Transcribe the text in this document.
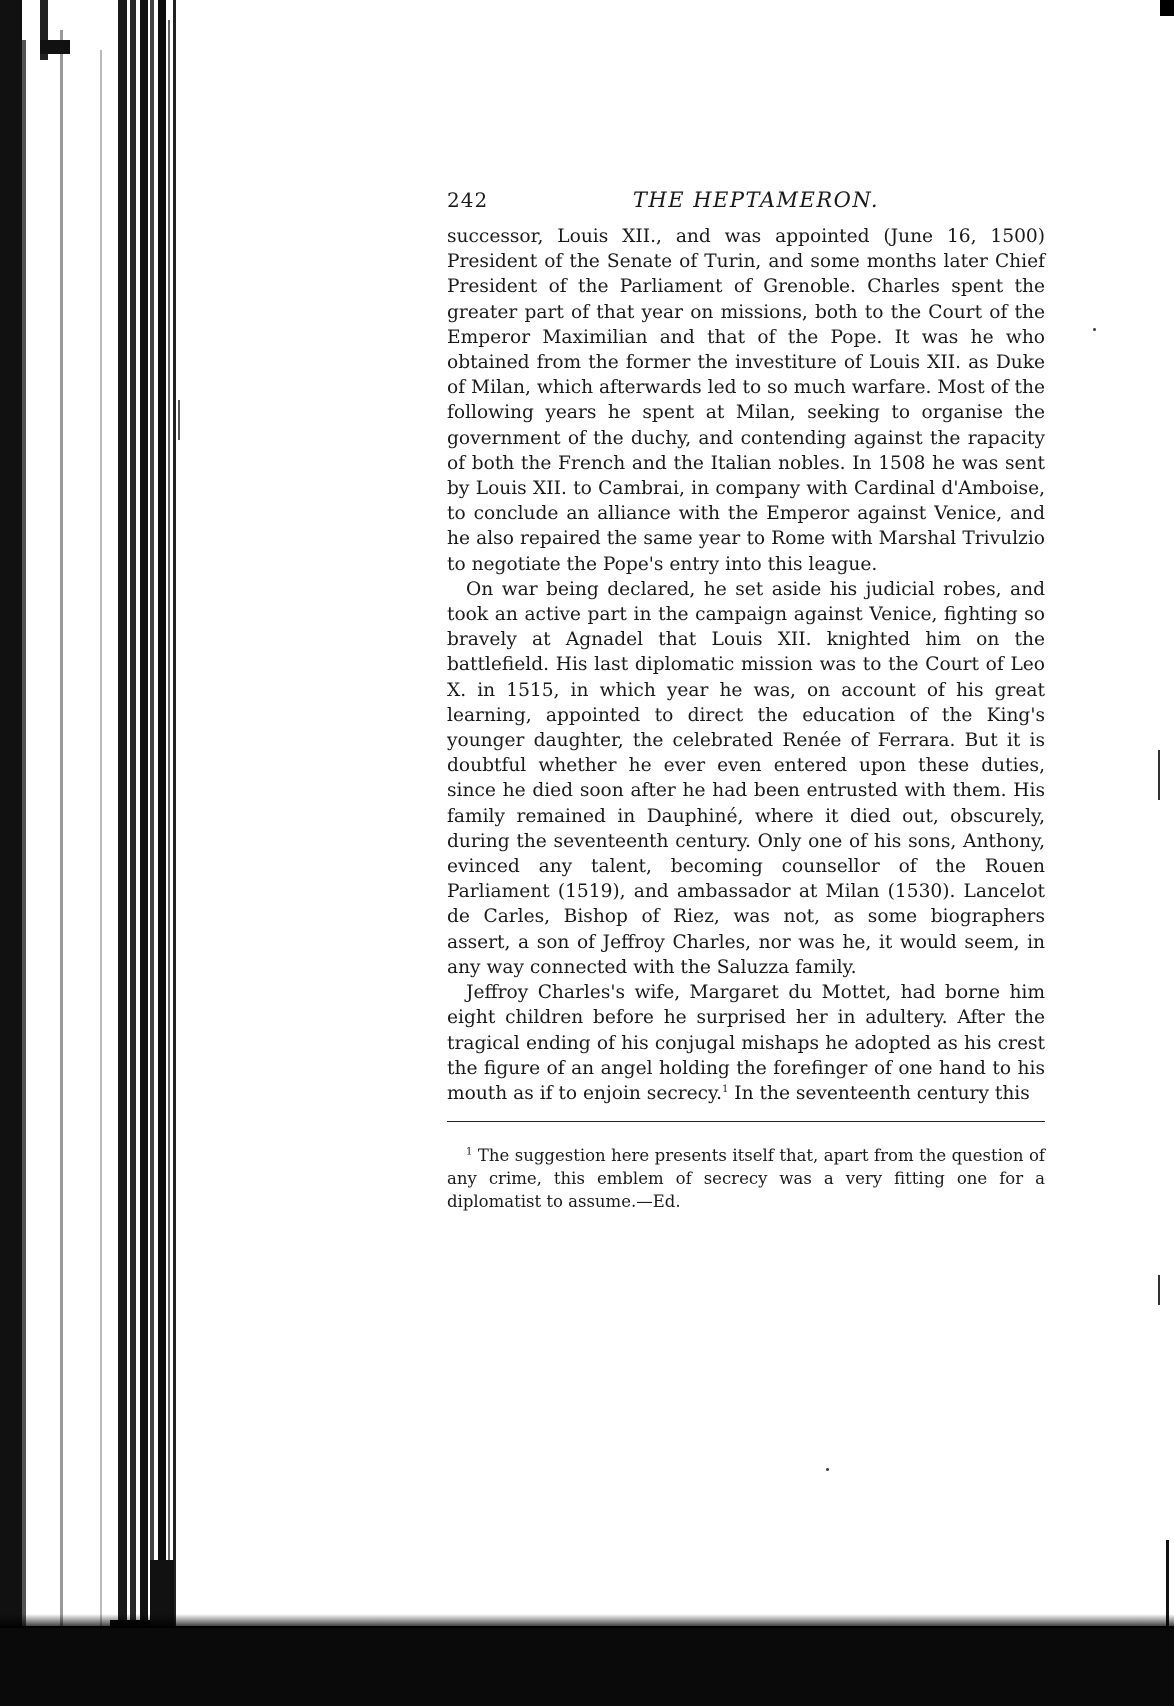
242	THE HEPTAMERON.

successor, Louis XII., and was appointed (June 16, 1500) President of the Senate of Turin, and some months later Chief President of the Parliament of Grenoble. Charles spent the greater part of that year on missions, both to the Court of the Emperor Maximilian and that of the Pope. It was he who obtained from the former the investiture of Louis XII. as Duke of Milan, which afterwards led to so much warfare. Most of the following years he spent at Milan, seeking to organise the government of the duchy, and contending against the rapacity of both the French and the Italian nobles. In 1508 he was sent by Louis XII. to Cambrai, in company with Cardinal d'Amboise, to conclude an alliance with the Emperor against Venice, and he also repaired the same year to Rome with Marshal Trivulzio to negotiate the Pope's entry into this league.

On war being declared, he set aside his judicial robes, and took an active part in the campaign against Venice, fighting so bravely at Agnadel that Louis XII. knighted him on the battlefield. His last diplomatic mission was to the Court of Leo X. in 1515, in which year he was, on account of his great learning, appointed to direct the education of the King's younger daughter, the celebrated Renée of Ferrara. But it is doubtful whether he ever even entered upon these duties, since he died soon after he had been entrusted with them. His family remained in Dauphiné, where it died out, obscurely, during the seventeenth century. Only one of his sons, Anthony, evinced any talent, becoming counsellor of the Rouen Parliament (1519), and ambassador at Milan (1530). Lancelot de Carles, Bishop of Riez, was not, as some biographers assert, a son of Jeffroy Charles, nor was he, it would seem, in any way connected with the Saluzza family.

Jeffroy Charles's wife, Margaret du Mottet, had borne him eight children before he surprised her in adultery. After the tragical ending of his conjugal mishaps he adopted as his crest the figure of an angel holding the forefinger of one hand to his mouth as if to enjoin secrecy.$^1$ In the seventeenth century this

$^1$ The suggestion here presents itself that, apart from the question of any crime, this emblem of secrecy was a very fitting one for a diplomatist to assume.—Ed.
